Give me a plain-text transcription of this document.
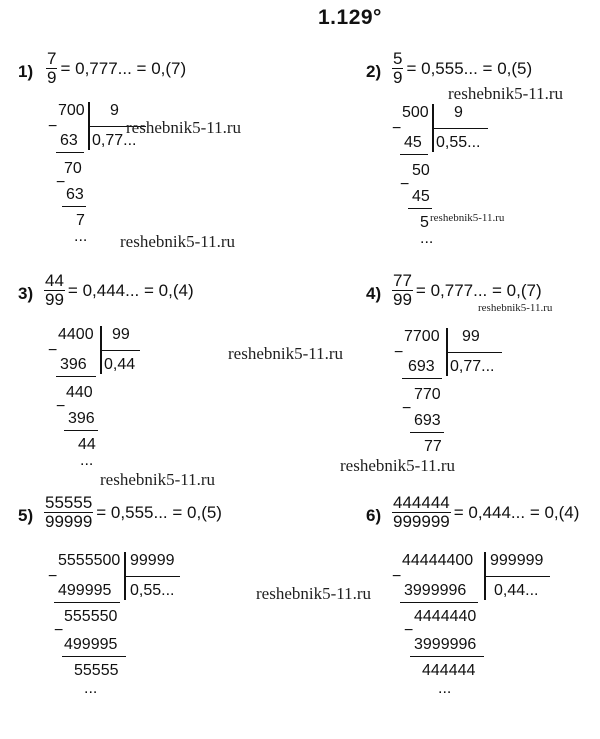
1.129°
$1) \frac{7}{9} = 0,777$... = 0,(7)
700 9
0,77...
−
63
70
−
63
7
...
$2) \frac{5}{9} = 0,555$... = 0,(5)
500 9
0,55...
−
45
50
−
45
5
...
$3) \frac{44}{99} = 0,444$... = 0,(4)
4400 99
0,44
−
396
440
−
396
44
...
$4) \frac{77}{99} = 0,777$... = 0,(7)
7700 99
0,77...
−
693
770
−
693
77
$5) \frac{55555}{99999} = 0,555$... = 0,(5)
5555500 99999
0,55...
−
499995
555550
−
499995
55555
...
$6) \frac{444444}{999999} = 0,444$... = 0,(4)
44444400 999999
0,44...
−
3999996
4444440
−
3999996
444444
...
reshebnik5-11.ru
reshebnik5-11.ru
reshebnik5-11.ru
reshebnik5-11.ru
reshebnik5-11.ru
reshebnik5-11.ru
reshebnik5-11.ru
reshebnik5-11.ru
reshebnik5-11.ru
